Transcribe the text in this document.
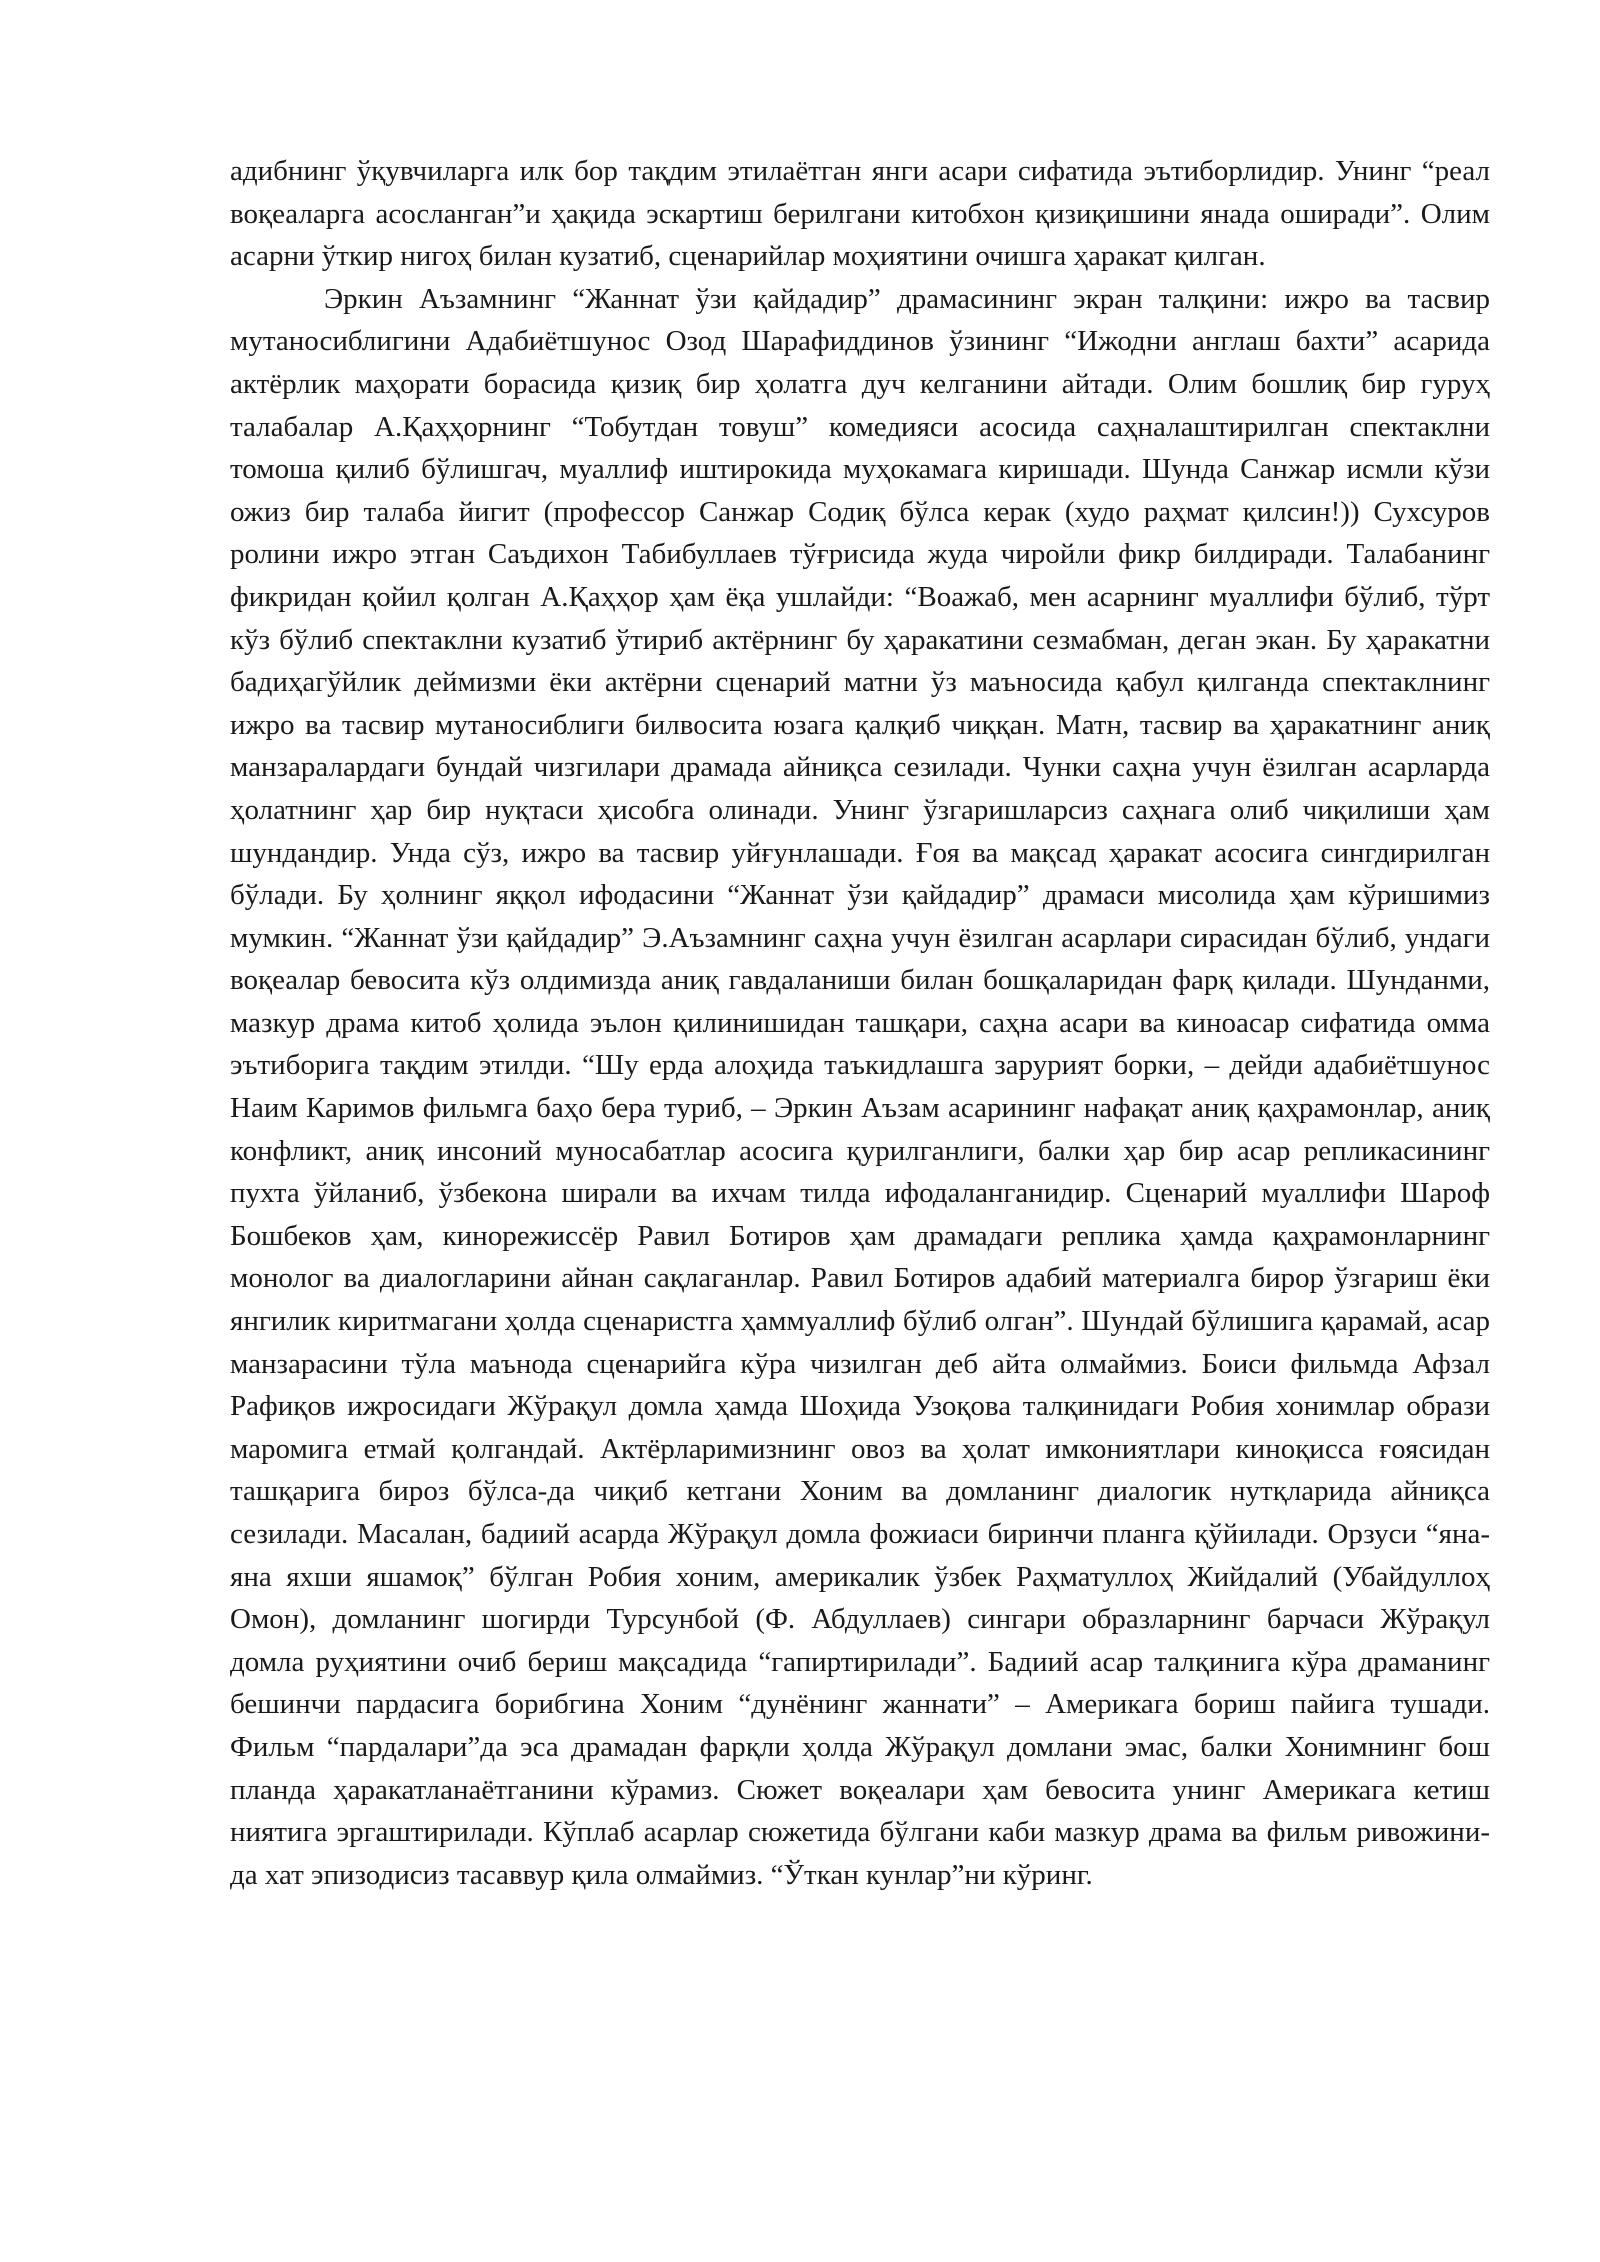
адибнинг ўқувчиларга илк бор тақдим этилаётган янги асари сифатида эътиборлидир. Унинг “реал воқеаларга асосланган”и ҳақида эскартиш берилгани китобхон қизиқишини янада оширади”. Олим асарни ўткир нигоҳ билан кузатиб, сценарийлар моҳиятини очишга ҳаракат қилган.

Эркин Аъзамнинг “Жаннат ўзи қайдадир” драмасининг экран талқини: ижро ва тасвир мутаносиблигини Адабиётшунос Озод Шарафиддинов ўзининг “Ижодни англаш бахти” асарида актёрлик маҳорати борасида қизиқ бир ҳолатга дуч келганини айтади. Олим бошлиқ бир гуруҳ талабалар А.Қаҳҳорнинг “Тобутдан товуш” комедияси асосида саҳналаштирилган спектаклни томоша қилиб бўлишгач, муаллиф иштирокида муҳокамага киришади. Шунда Санжар исмли кўзи ожиз бир талаба йигит (профессор Санжар Содиқ бўлса керак (худо раҳмат қилсин!)) Сухсуров ролини ижро этган Саъдихон Табибуллаев тўғрисида жуда чиройли фикр билдиради. Талабанинг фикридан қойил қолган А.Қаҳҳор ҳам ёқа ушлайди: “Воажаб, мен асарнинг муаллифи бўлиб, тўрт кўз бўлиб спектаклни кузатиб ўтириб актёрнинг бу ҳаракатини сезмабман, деган экан. Бу ҳаракатни бадиҳагўйлик деймизми ёки актёрни сценарий матни ўз маъносида қабул қилганда спектаклнинг ижро ва тасвир мутаносиблиги билвосита юзага қалқиб чиққан. Матн, тасвир ва ҳаракатнинг аниқ манзаралардаги бундай чизгилари драмада айниқса сезилади. Чунки саҳна учун ёзилган асарларда ҳолатнинг ҳар бир нуқтаси ҳисобга олинади. Унинг ўзгаришларсиз саҳнага олиб чиқилиши ҳам шундандир. Унда сўз, ижро ва тасвир уйғунлашади. Ғоя ва мақсад ҳаракат асосига сингдирилган бўлади. Бу ҳолнинг яққол ифодасини “Жаннат ўзи қайдадир” драмаси мисолида ҳам кўришимиз мумкин. “Жаннат ўзи қайдадир” Э.Аъзамнинг саҳна учун ёзилган асарлари сирасидан бўлиб, ундаги воқеалар бевосита кўз олдимизда аниқ гавдаланиши билан бошқаларидан фарқ қилади. Шунданми, мазкур драма китоб ҳолида эълон қилинишидан ташқари, саҳна асари ва киноасар сифатида омма эътиборига тақдим этилди. “Шу ерда алоҳида таъкидлашга зарурият борки, – дейди адабиётшунос Наим Каримов фильмга баҳо бера туриб, – Эркин Аъзам асарининг нафақат аниқ қаҳрамонлар, аниқ конфликт, аниқ инсоний муносабатлар асосига қурилганлиги, балки ҳар бир асар репликасининг пухта ўйланиб, ўзбекона ширали ва ихчам тилда ифодаланганидир. Сценарий муаллифи Шароф Бошбеков ҳам, кинорежиссёр Равил Ботиров ҳам драмадаги реплика ҳамда қаҳрамонларнинг монолог ва диалогларини айнан сақлаганлар. Равил Ботиров адабий материалга бирор ўзгариш ёки янгилик киритмагани ҳолда сценаристга ҳаммуаллиф бўлиб олган”. Шундай бўлишига қарамай, асар манзарасини тўла маънода сценарийга кўра чизилган деб айта олмаймиз. Боиси фильмда Афзал Рафиқов ижросидаги Жўрақул домла ҳамда Шоҳида Узоқова талқинидаги Робия хонимлар образи маромига етмай қолгандай. Актёрларимизнинг овоз ва ҳолат имкониятлари киноқисса ғоясидан ташқарига бироз бўлса-да чиқиб кетгани Хоним ва домланинг диалогик нутқларида айниқса сезилади. Масалан, бадиий асарда Жўрақул домла фожиаси биринчи планга қўйилади. Орзуси “яна-яна яхши яшамоқ” бўлган Робия хоним, америкалик ўзбек Раҳматуллоҳ Жийдалий (Убайдуллоҳ Омон), домланинг шогирди Турсунбой (Ф. Абдуллаев) сингари образларнинг барчаси Жўрақул домла руҳиятини очиб бериш мақсадида “гапиртирилади”. Бадиий асар талқинига кўра драманинг бешинчи пардасига борибгина Хоним “дунёнинг жаннати” – Америкага бориш пайига тушади. Фильм “пардалари”да эса драмадан фарқли ҳолда Жўрақул домлани эмас, балки Хонимнинг бош планда ҳаракатланаётганини кўрамиз. Сюжет воқеалари ҳам бевосита унинг Америкага кетиш ниятига эргаштирилади. Кўплаб асарлар сюжетида бўлгани каби мазкур драма ва фильм ривожини-да хат эпизодисиз тасаввур қила олмаймиз. “Ўткан кунлар”ни кўринг.
